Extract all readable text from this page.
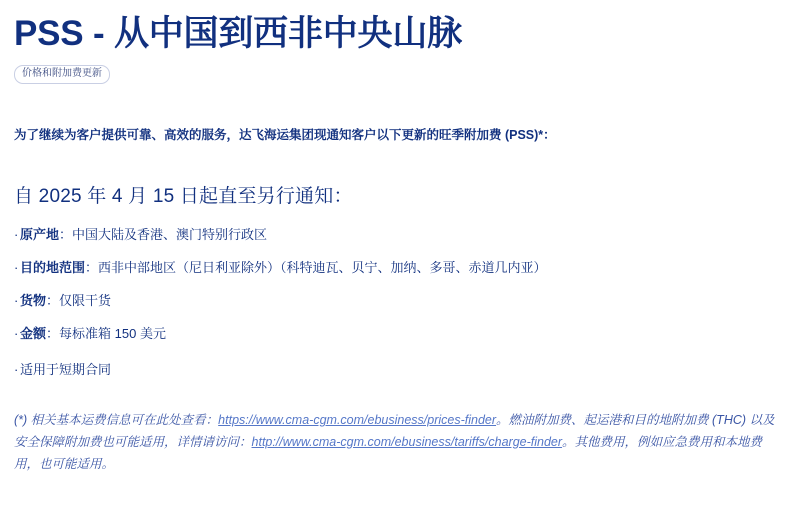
PSS - 从中国到西非中央山脉
价格和附加费更新
为了继续为客户提供可靠、高效的服务，达飞海运集团现通知客户以下更新的旺季附加费 (PSS)*：
自 2025 年 4 月 15 日起直至另行通知：
· 原产地：中国大陆及香港、澳门特别行政区
· 目的地范围：西非中部地区（尼日利亚除外）（科特迪瓦、贝宁、加纳、多哥、赤道几内亚）
· 货物：仅限干货
· 金额：每标准箱 150 美元
· 适用于短期合同
(*) 相关基本运费信息可在此处查看：https://www.cma-cgm.com/ebusiness/prices-finder。燃油附加费、起运港和目的地附加费 (THC) 以及安全保障附加费也可能适用，详情请访问：http://www.cma-cgm.com/ebusiness/tariffs/charge-finder。其他费用，例如应急费用和本地费用，也可能适用。
